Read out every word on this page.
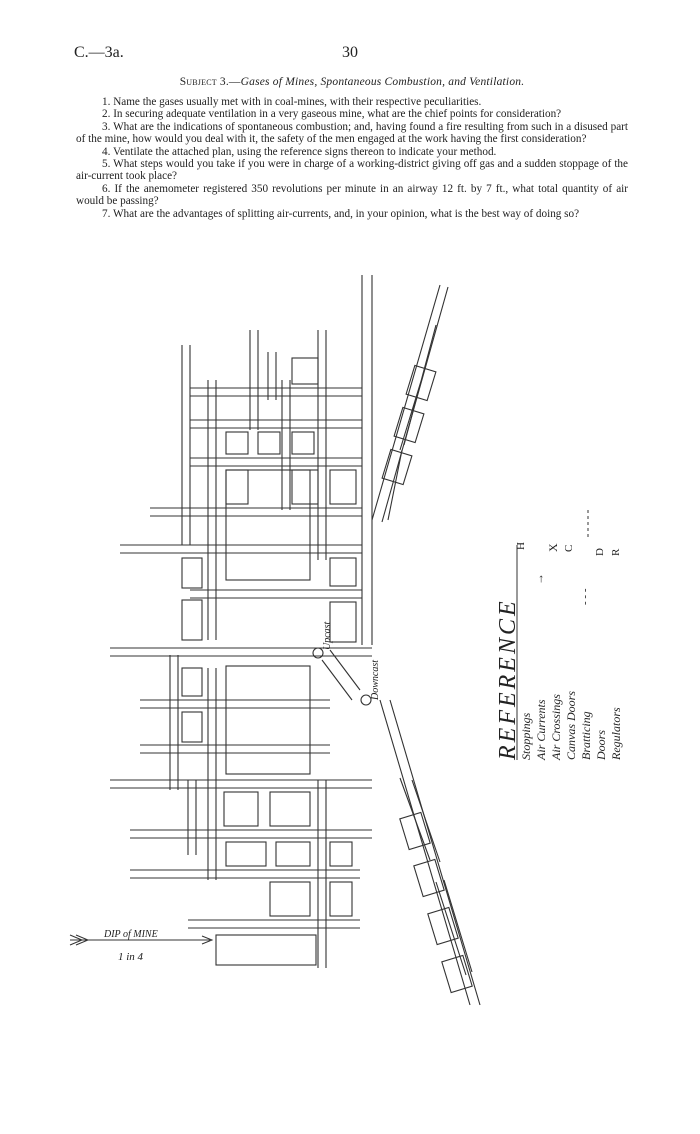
C.—3a.	30
Subject 3.—Gases of Mines, Spontaneous Combustion, and Ventilation.

1. Name the gases usually met with in coal-mines, with their respective peculiarities.

2. In securing adequate ventilation in a very gaseous mine, what are the chief points for consideration?

3. What are the indications of spontaneous combustion; and, having found a fire resulting from such in a disused part of the mine, how would you deal with it, the safety of the men engaged at the work having the first consideration?

4. Ventilate the attached plan, using the reference signs thereon to indicate your method.

5. What steps would you take if you were in charge of a working-district giving off gas and a sudden stoppage of the air-current took place?

6. If the anemometer registered 350 revolutions per minute in an airway 12 ft. by 7 ft., what total quantity of air would be passing?

7. What are the advantages of splitting air-currents, and, in your opinion, what is the best way of doing so?

Upcast
Downcast
DIP of MINE
1 in 4
REFERENCE
Stoppings Air Currents Air Crossings Canvas Doors Bratticing Doors Regulators
H
→
X C
- - -
D R
